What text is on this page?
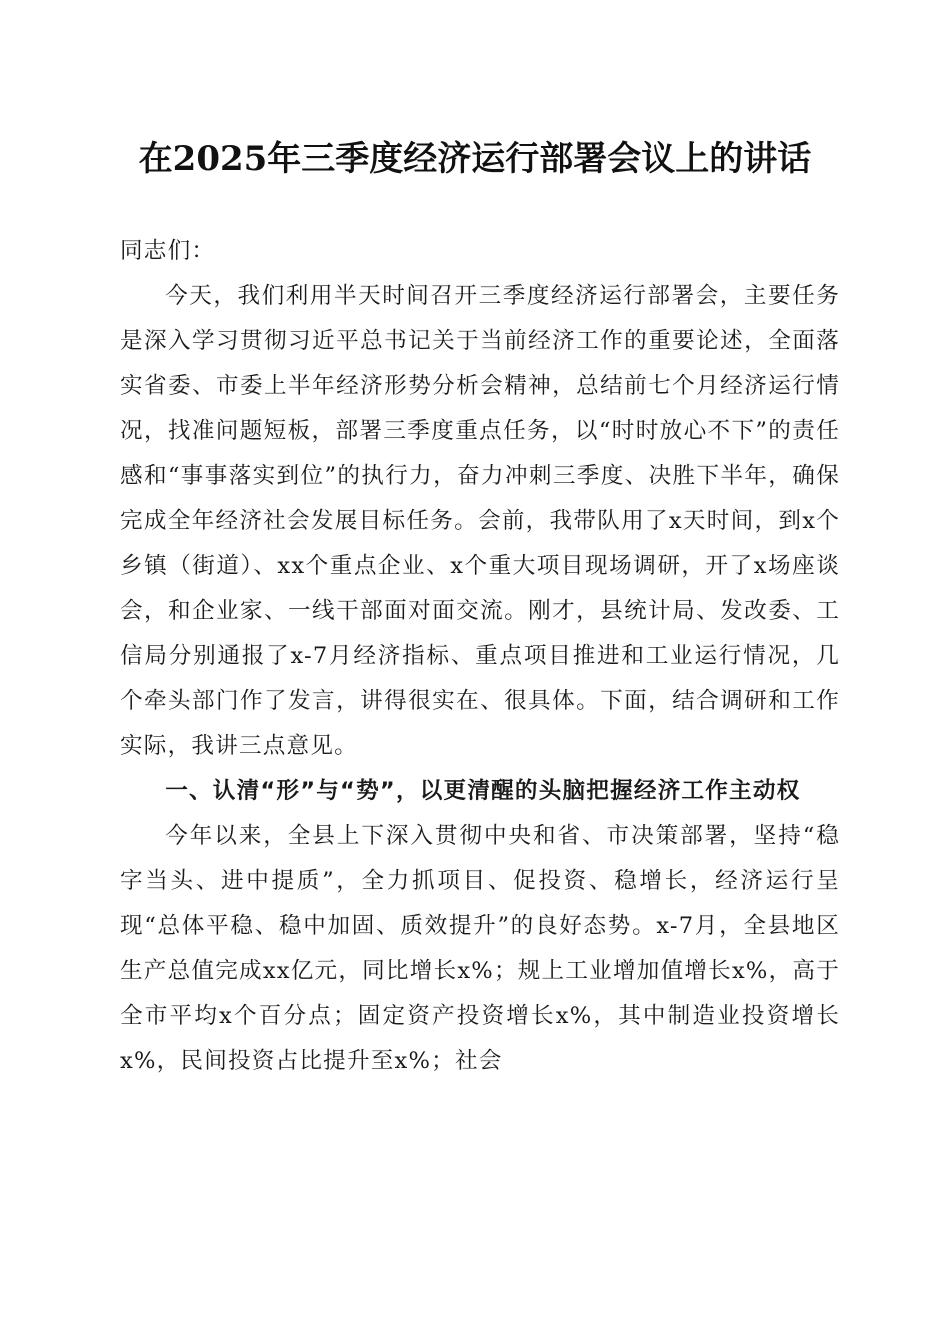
在2025年三季度经济运行部署会议上的讲话

同志们：

今天，我们利用半天时间召开三季度经济运行部署会，主要任务是深入学习贯彻习近平总书记关于当前经济工作的重要论述，全面落实省委、市委上半年经济形势分析会精神，总结前七个月经济运行情况，找准问题短板，部署三季度重点任务，以“时时放心不下”的责任感和“事事落实到位”的执行力，奋力冲刺三季度、决胜下半年，确保完成全年经济社会发展目标任务。会前，我带队用了x天时间，到x个乡镇（街道）、xx个重点企业、x个重大项目现场调研，开了x场座谈会，和企业家、一线干部面对面交流。刚才，县统计局、发改委、工信局分别通报了x-7月经济指标、重点项目推进和工业运行情况，几个牵头部门作了发言，讲得很实在、很具体。下面，结合调研和工作实际，我讲三点意见。

一、认清“形”与“势”，以更清醒的头脑把握经济工作主动权

今年以来，全县上下深入贯彻中央和省、市决策部署，坚持“稳字当头、进中提质”，全力抓项目、促投资、稳增长，经济运行呈现“总体平稳、稳中加固、质效提升”的良好态势。x-7月，全县地区生产总值完成xx亿元，同比增长x%；规上工业增加值增长x%，高于全市平均x个百分点；固定资产投资增长x%，其中制造业投资增长x%，民间投资占比提升至x%；社会
